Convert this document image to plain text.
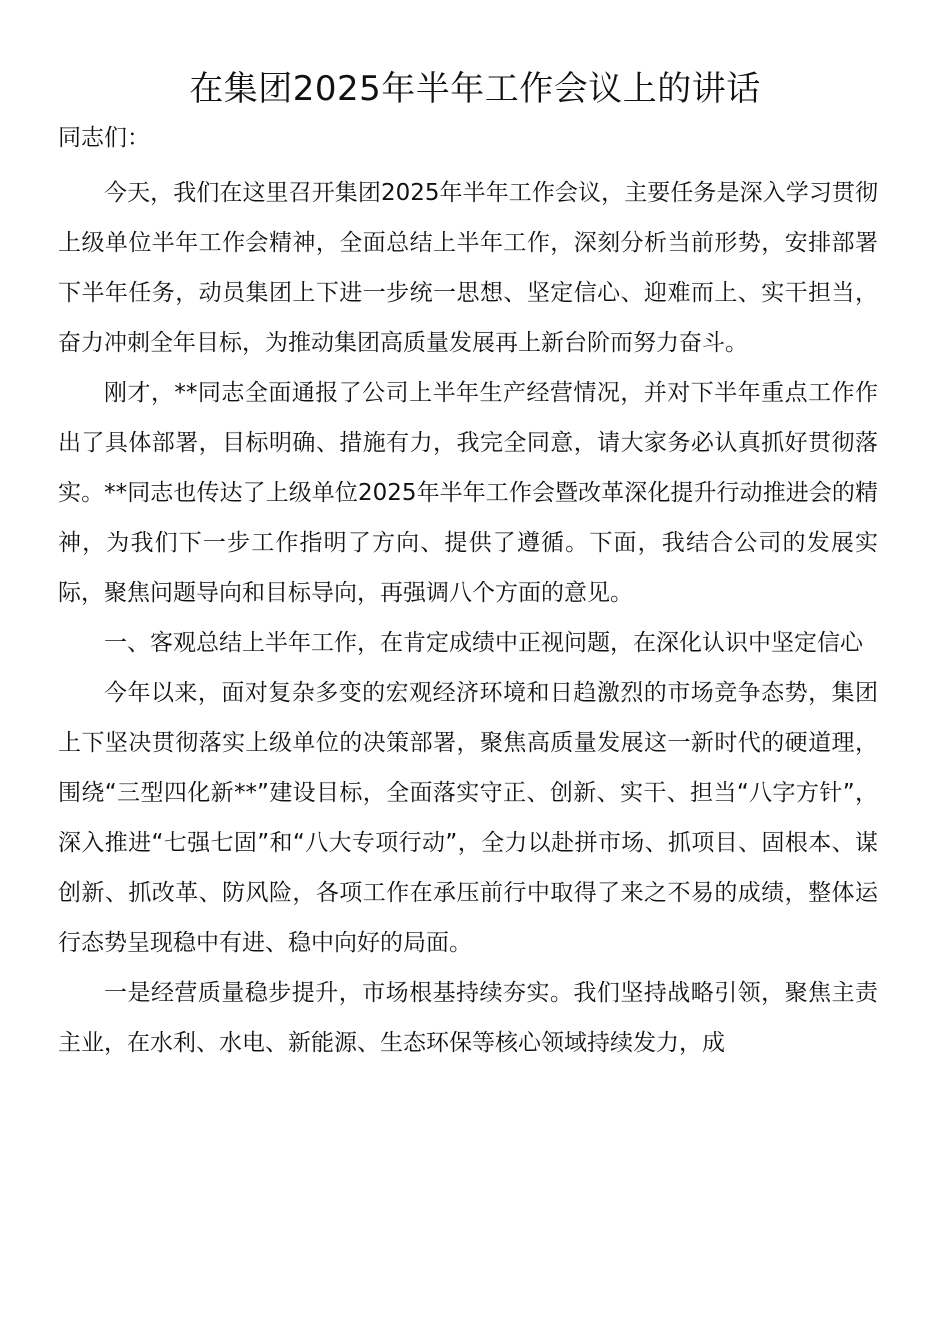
在集团2025年半年工作会议上的讲话
同志们：

今天，我们在这里召开集团2025年半年工作会议，主要任务是深入学习贯彻上级单位半年工作会精神，全面总结上半年工作，深刻分析当前形势，安排部署下半年任务，动员集团上下进一步统一思想、坚定信心、迎难而上、实干担当，奋力冲刺全年目标，为推动集团高质量发展再上新台阶而努力奋斗。

刚才，**同志全面通报了公司上半年生产经营情况，并对下半年重点工作作出了具体部署，目标明确、措施有力，我完全同意，请大家务必认真抓好贯彻落实。**同志也传达了上级单位2025年半年工作会暨改革深化提升行动推进会的精神，为我们下一步工作指明了方向、提供了遵循。下面，我结合公司的发展实际，聚焦问题导向和目标导向，再强调八个方面的意见。

一、客观总结上半年工作，在肯定成绩中正视问题，在深化认识中坚定信心

今年以来，面对复杂多变的宏观经济环境和日趋激烈的市场竞争态势，集团上下坚决贯彻落实上级单位的决策部署，聚焦高质量发展这一新时代的硬道理，围绕“三型四化新**”建设目标，全面落实守正、创新、实干、担当“八字方针”，深入推进“七强七固”和“八大专项行动”，全力以赴拼市场、抓项目、固根本、谋创新、抓改革、防风险，各项工作在承压前行中取得了来之不易的成绩，整体运行态势呈现稳中有进、稳中向好的局面。

一是经营质量稳步提升，市场根基持续夯实。我们坚持战略引领，聚焦主责主业，在水利、水电、新能源、生态环保等核心领域持续发力，成
